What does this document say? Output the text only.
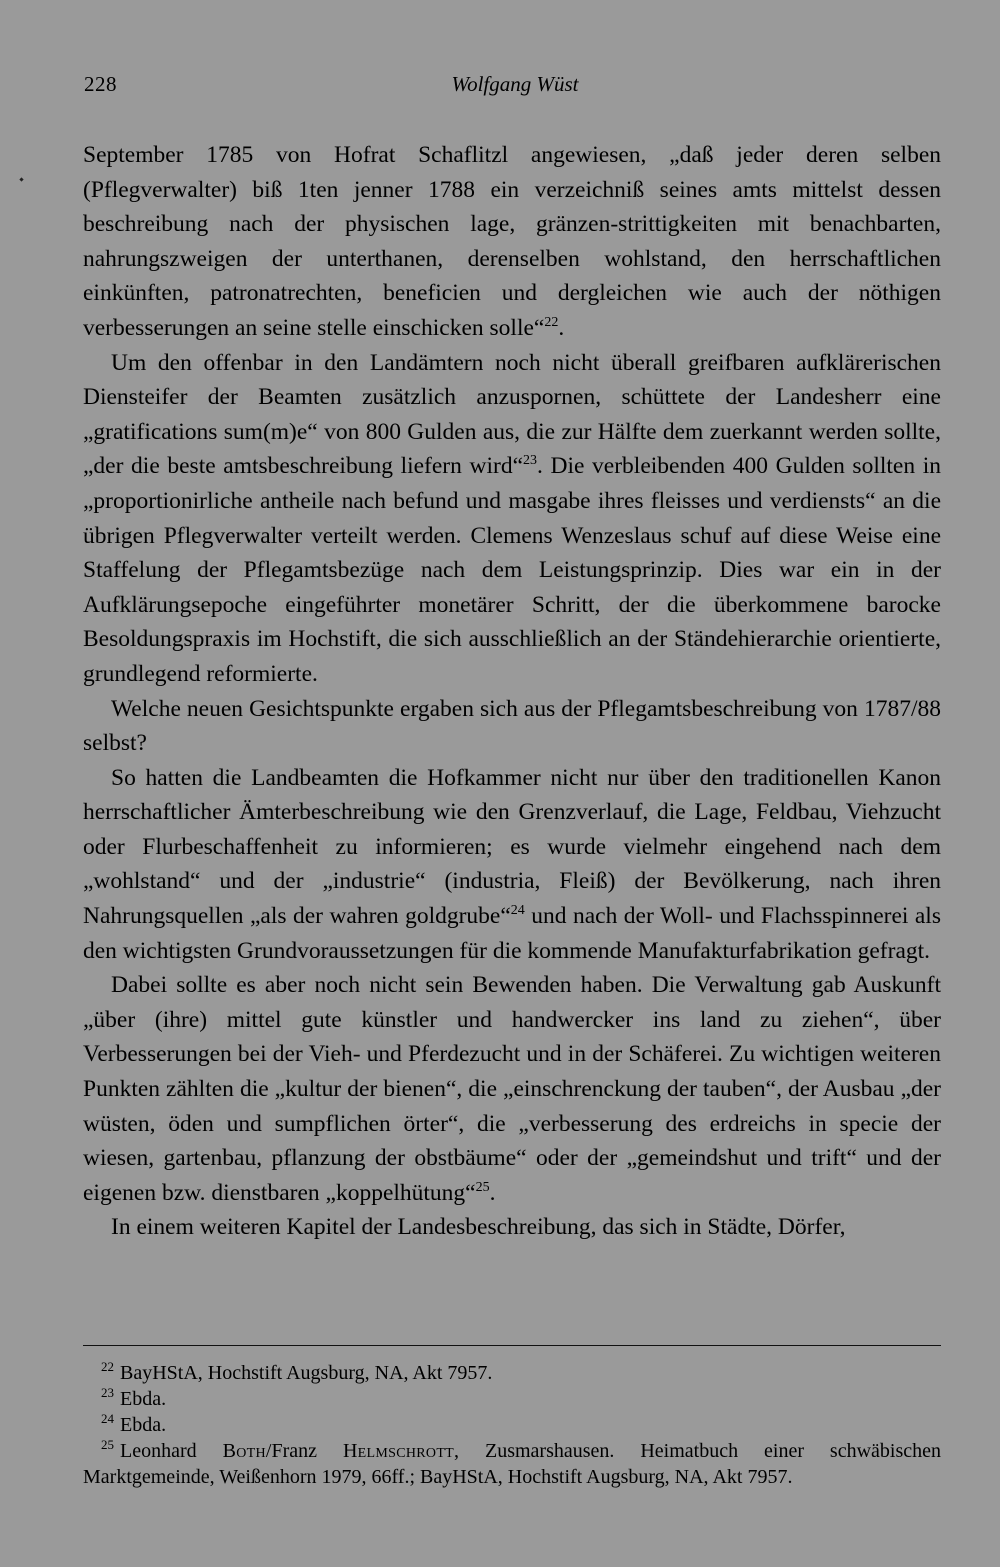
228	Wolfgang Wüst

September 1785 von Hofrat Schaflitzl angewiesen, „daß jeder deren selben (Pflegverwalter) biß 1ten jenner 1788 ein verzeichniß seines amts mittelst dessen beschreibung nach der physischen lage, gränzen-strittigkeiten mit benachbarten, nahrungszweigen der unterthanen, derenselben wohlstand, den herrschaftlichen einkünften, patronatrechten, beneficien und dergleichen wie auch der nöthigen verbesserungen an seine stelle einschicken solle“$^{22}$.

Um den offenbar in den Landämtern noch nicht überall greifbaren aufklärerischen Diensteifer der Beamten zusätzlich anzuspornen, schüttete der Landesherr eine „gratifications sum(m)e“ von 800 Gulden aus, die zur Hälfte dem zuerkannt werden sollte, „der die beste amtsbeschreibung liefern wird“$^{23}$. Die verbleibenden 400 Gulden sollten in „proportionirliche antheile nach befund und masgabe ihres fleisses und verdiensts“ an die übrigen Pflegverwalter verteilt werden. Clemens Wenzeslaus schuf auf diese Weise eine Staffelung der Pflegamtsbezüge nach dem Leistungsprinzip. Dies war ein in der Aufklärungsepoche eingeführter monetärer Schritt, der die überkommene barocke Besoldungspraxis im Hochstift, die sich ausschließlich an der Ständehierarchie orientierte, grundlegend reformierte.

Welche neuen Gesichtspunkte ergaben sich aus der Pflegamtsbeschreibung von 1787/88 selbst?

So hatten die Landbeamten die Hofkammer nicht nur über den traditionellen Kanon herrschaftlicher Ämterbeschreibung wie den Grenzverlauf, die Lage, Feldbau, Viehzucht oder Flurbeschaffenheit zu informieren; es wurde vielmehr eingehend nach dem „wohlstand“ und der „industrie“ (industria, Fleiß) der Bevölkerung, nach ihren Nahrungsquellen „als der wahren goldgrube“$^{24}$ und nach der Woll- und Flachsspinnerei als den wichtigsten Grundvoraussetzungen für die kommende Manufakturfabrikation gefragt.

Dabei sollte es aber noch nicht sein Bewenden haben. Die Verwaltung gab Auskunft „über (ihre) mittel gute künstler und handwercker ins land zu ziehen“, über Verbesserungen bei der Vieh- und Pferdezucht und in der Schäferei. Zu wichtigen weiteren Punkten zählten die „kultur der bienen“, die „einschrenckung der tauben“, der Ausbau „der wüsten, öden und sumpflichen örter“, die „verbesserung des erdreichs in specie der wiesen, gartenbau, pflanzung der obstbäume“ oder der „gemeindshut und trift“ und der eigenen bzw. dienstbaren „koppelhütung“$^{25}$.

In einem weiteren Kapitel der Landesbeschreibung, das sich in Städte, Dörfer,

$^{22}$ BayHStA, Hochstift Augsburg, NA, Akt 7957.

$^{23}$ Ebda.

$^{24}$ Ebda.

$^{25}$ Leonhard Both/Franz Helmschrott, Zusmarshausen. Heimatbuch einer schwäbischen Marktgemeinde, Weißenhorn 1979, 66ff.; BayHStA, Hochstift Augsburg, NA, Akt 7957.
